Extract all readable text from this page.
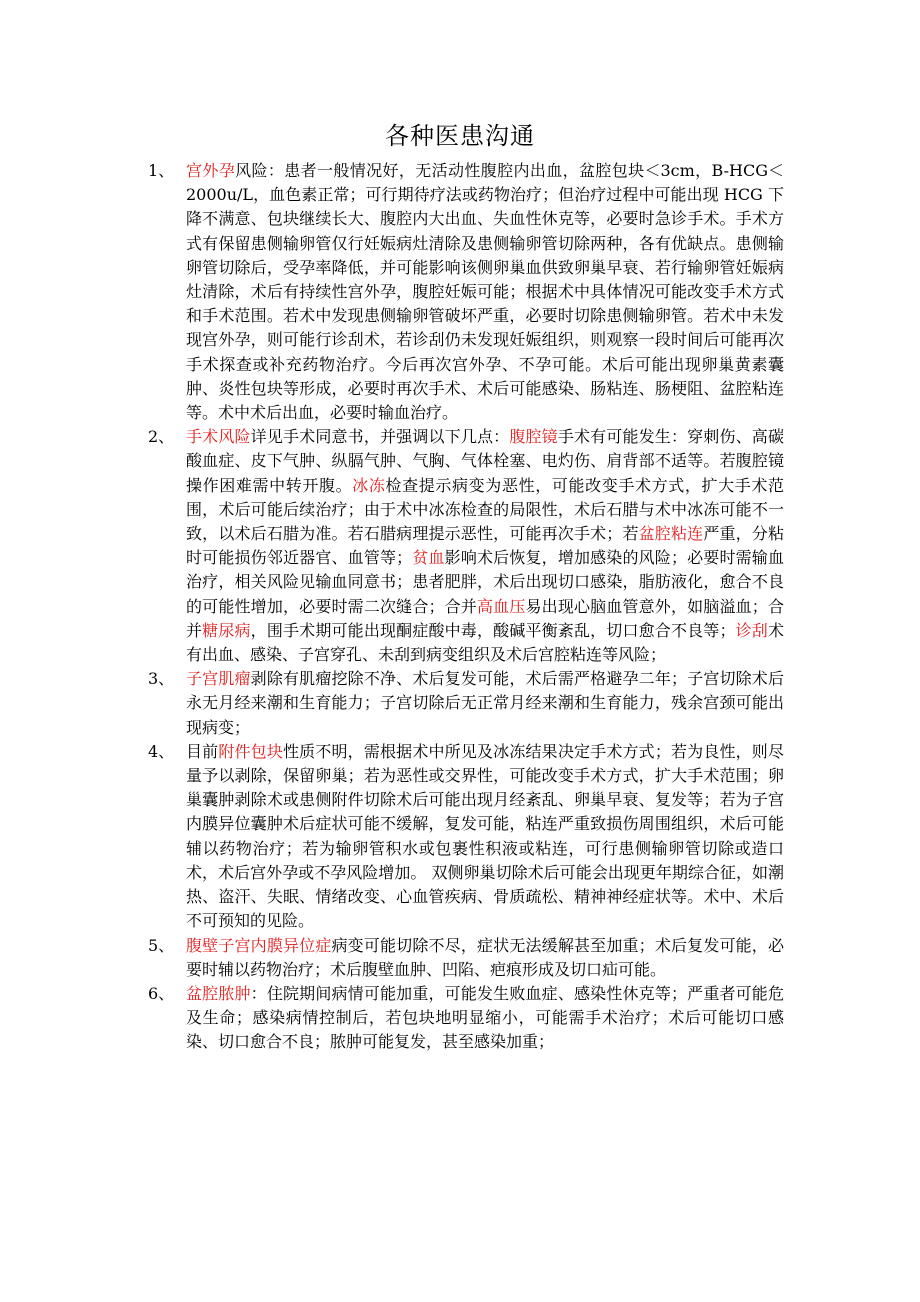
各种医患沟通
1、 宫外孕风险：患者一般情况好，无活动性腹腔内出血，盆腔包块＜3cm，B-HCG＜ 2000u/L，血色素正常；可行期待疗法或药物治疗；但治疗过程中可能出现 HCG 下降不满意、包块继续长大、腹腔内大出血、失血性休克等，必要时急诊手术。手术方式有保留患侧输卵管仅行妊娠病灶清除及患侧输卵管切除两种，各有优缺点。患侧输卵管切除后，受孕率降低，并可能影响该侧卵巢血供致卵巢早衰、若行输卵管妊娠病灶清除，术后有持续性宫外孕，腹腔妊娠可能；根据术中具体情况可能改变手术方式和手术范围。若术中发现患侧输卵管破坏严重，必要时切除患侧输卵管。若术中未发现宫外孕，则可能行诊刮术，若诊刮仍未发现妊娠组织，则观察一段时间后可能再次手术探查或补充药物治疗。今后再次宫外孕、不孕可能。术后可能出现卵巢黄素囊肿、炎性包块等形成，必要时再次手术、术后可能感染、肠粘连、肠梗阻、盆腔粘连等。术中术后出血，必要时输血治疗。
2、 手术风险详见手术同意书，并强调以下几点：腹腔镜手术有可能发生：穿刺伤、高碳酸血症、皮下气肿、纵膈气肿、气胸、气体栓塞、电灼伤、肩背部不适等。若腹腔镜操作困难需中转开腹。冰冻检查提示病变为恶性，可能改变手术方式，扩大手术范围，术后可能后续治疗；由于术中冰冻检查的局限性，术后石腊与术中冰冻可能不一致，以术后石腊为准。若石腊病理提示恶性，可能再次手术；若盆腔粘连严重，分粘时可能损伤邻近器官、血管等；贫血影响术后恢复，增加感染的风险；必要时需输血治疗，相关风险见输血同意书；患者肥胖，术后出现切口感染，脂肪液化，愈合不良的可能性增加，必要时需二次缝合；合并高血压易出现心脑血管意外，如脑溢血；合并糖尿病，围手术期可能出现酮症酸中毒，酸碱平衡紊乱，切口愈合不良等；诊刮术有出血、感染、子宫穿孔、未刮到病变组织及术后宫腔粘连等风险；
3、 子宫肌瘤剥除有肌瘤挖除不净、术后复发可能，术后需严格避孕二年；子宫切除术后永无月经来潮和生育能力；子宫切除后无正常月经来潮和生育能力，残余宫颈可能出现病变；
4、 目前附件包块性质不明，需根据术中所见及冰冻结果决定手术方式；若为良性，则尽量予以剥除，保留卵巢；若为恶性或交界性，可能改变手术方式，扩大手术范围；卵巢囊肿剥除术或患侧附件切除术后可能出现月经紊乱、卵巢早衰、复发等；若为子宫内膜异位囊肿术后症状可能不缓解，复发可能，粘连严重致损伤周围组织，术后可能辅以药物治疗；若为输卵管积水或包裹性积液或粘连，可行患侧输卵管切除或造口术，术后宫外孕或不孕风险增加。 双侧卵巢切除术后可能会出现更年期综合征，如潮热、盗汗、失眠、情绪改变、心血管疾病、骨质疏松、精神神经症状等。术中、术后不可预知的见险。
5、 腹壁子宫内膜异位症病变可能切除不尽，症状无法缓解甚至加重；术后复发可能，必要时辅以药物治疗；术后腹壁血肿、凹陷、疤痕形成及切口疝可能。
6、 盆腔脓肿：住院期间病情可能加重，可能发生败血症、感染性休克等；严重者可能危及生命；感染病情控制后，若包块地明显缩小，可能需手术治疗；术后可能切口感染、切口愈合不良；脓肿可能复发，甚至感染加重；
